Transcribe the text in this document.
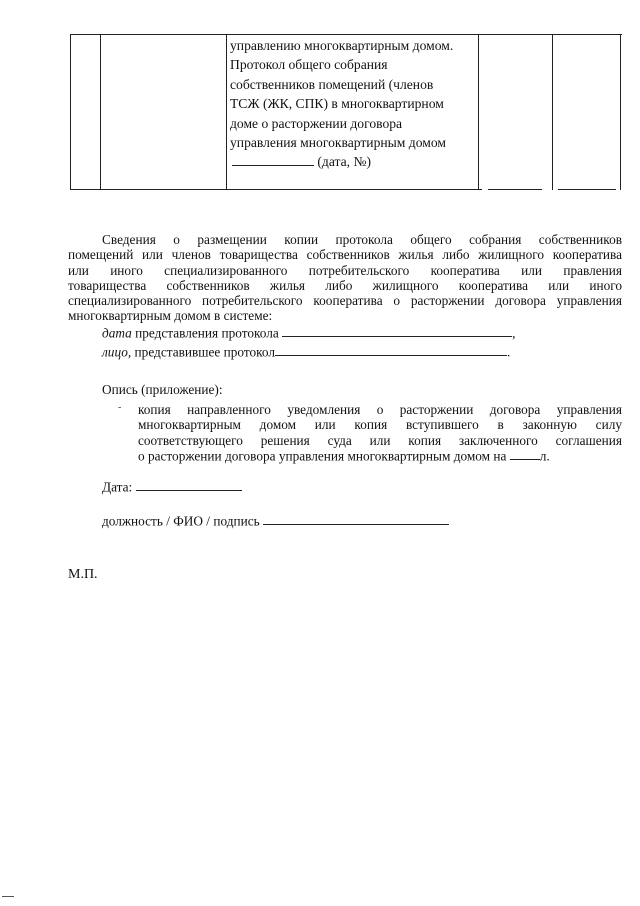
управлению многоквартирным домом.
Протокол общего собрания
собственников помещений (членов
ТСЖ (ЖК, СПК) в многоквартирном
доме о расторжении договора
управления многоквартирным домом
(дата, №)
Сведения о размещении копии протокола общего собрания собственников
помещений или членов товарищества собственников жилья либо жилищного кооператива
или иного специализированного потребительского кооператива или правления
товарищества собственников жилья либо жилищного кооператива или иного
специализированного потребительского кооператива о расторжении договора управления
многоквартирным домом в системе:
дата представления протокола	,
лицо, представившее протокол	.
Опись (приложение):
- копия направленного уведомления о расторжении договора управления
многоквартирным домом или копия вступившего в законную силу
соответствующего решения суда или копия заключенного соглашения
о расторжении договора управления многоквартирным домом на	л.
Дата:
должность / ФИО / подпись
М.П.
